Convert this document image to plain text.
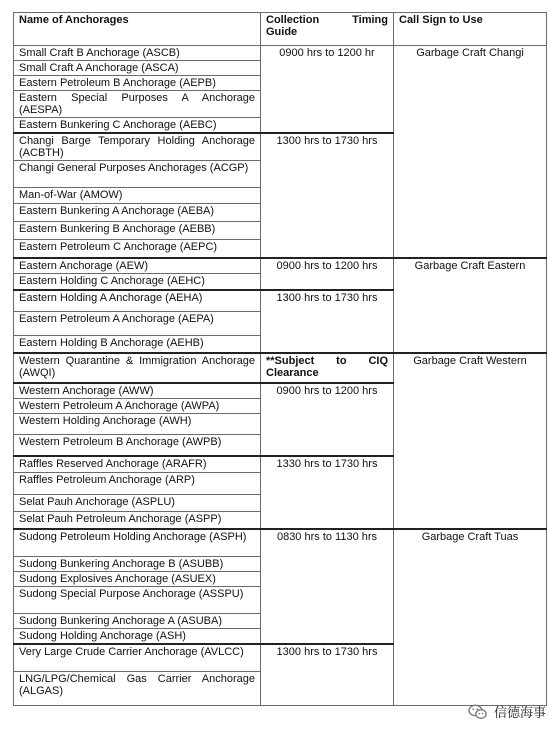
Name of Anchorages	Collection Timing Guide	Call Sign to Use
Small Craft B Anchorage (ASCB)	0900 hrs to 1200 hr	Garbage Craft Changi
Small Craft A Anchorage (ASCA)		
Eastern Petroleum B Anchorage (AEPB)		
Eastern Special Purposes A Anchorage (AESPA)		
Eastern Bunkering C Anchorage (AEBC)		
Changi Barge Temporary Holding Anchorage (ACBTH)	1300 hrs to 1730 hrs	
Changi General Purposes Anchorages (ACGP)		
Man-of-War (AMOW)		
Eastern Bunkering A Anchorage (AEBA)		
Eastern Bunkering B Anchorage (AEBB)		
Eastern Petroleum C Anchorage (AEPC)		
Eastern Anchorage (AEW)	0900 hrs to 1200 hrs	Garbage Craft Eastern
Eastern Holding C Anchorage (AEHC)		
Eastern Holding A Anchorage (AEHA)	1300 hrs to 1730 hrs	
Eastern Petroleum A Anchorage (AEPA)		
Eastern Holding B Anchorage (AEHB)		
Western Quarantine & Immigration Anchorage (AWQI)	**Subject to CIQ Clearance	Garbage Craft Western
Western Anchorage (AWW)	0900 hrs to 1200 hrs	
Western Petroleum A Anchorage (AWPA)		
Western Holding Anchorage (AWH)		
Western Petroleum B Anchorage (AWPB)		
Raffles Reserved Anchorage (ARAFR)	1330 hrs to 1730 hrs	
Raffles Petroleum Anchorage (ARP)		
Selat Pauh Anchorage (ASPLU)		
Selat Pauh Petroleum Anchorage (ASPP)		
Sudong Petroleum Holding Anchorage (ASPH)	0830 hrs to 1130 hrs	Garbage Craft Tuas
Sudong Bunkering Anchorage B (ASUBB)		
Sudong Explosives Anchorage (ASUEX)		
Sudong Special Purpose Anchorage (ASSPU)		
Sudong Bunkering Anchorage A (ASUBA)		
Sudong Holding Anchorage (ASH)		
Very Large Crude Carrier Anchorage (AVLCC)	1300 hrs to 1730 hrs	
LNG/LPG/Chemical Gas Carrier Anchorage (ALGAS)		
信德海事
